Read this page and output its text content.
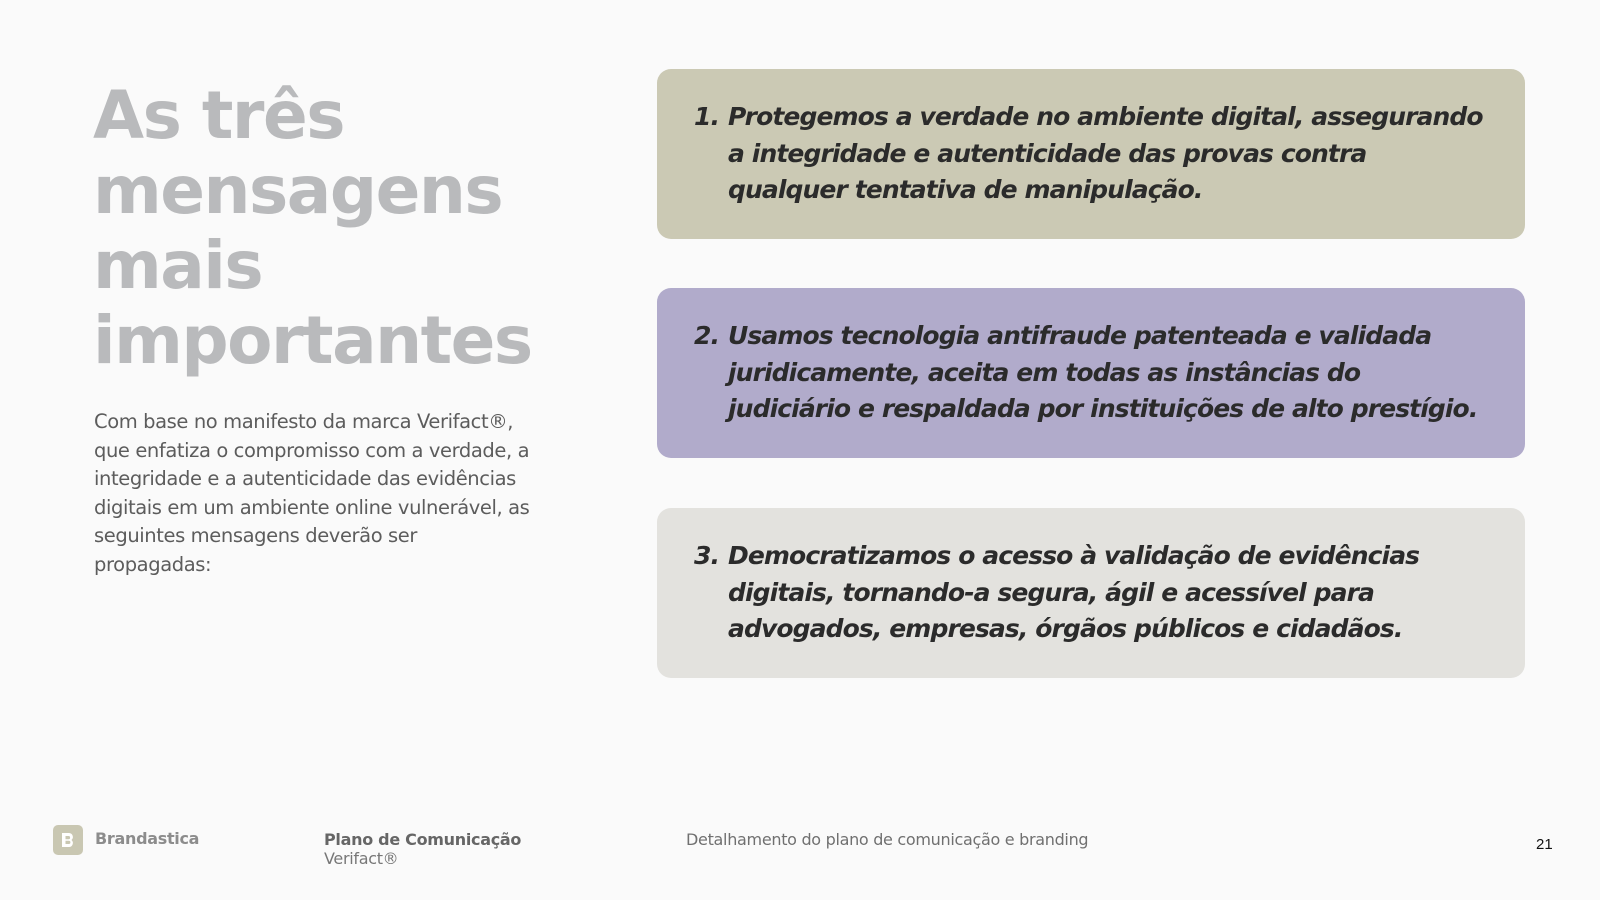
As três
mensagens
mais
importantes

Com base no manifesto da marca Verifact®, que enfatiza o compromisso com a verdade, a integridade e a autenticidade das evidências digitais em um ambiente online vulnerável, as seguintes mensagens deverão ser propagadas:

1. Protegemos a verdade no ambiente digital, assegurando a integridade e autenticidade das provas contra qualquer tentativa de manipulação.
2. Usamos tecnologia antifraude patenteada e validada juridicamente, aceita em todas as instâncias do judiciário e respaldada por instituições de alto prestígio.
3. Democratizamos o acesso à validação de evidências digitais, tornando-a segura, ágil e acessível para advogados, empresas, órgãos públicos e cidadãos.
Brandastica	Plano de Comunicação
Verifact®
Detalhamento do plano de comunicação e branding	21
